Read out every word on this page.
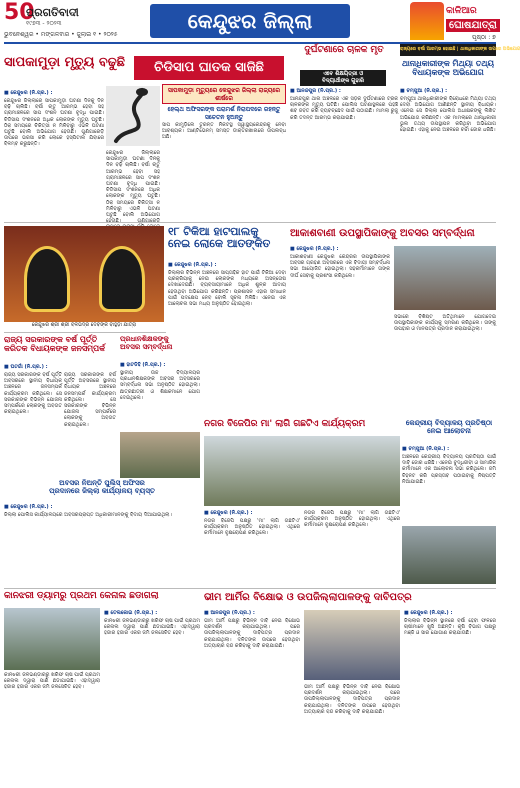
50
ପ୍ରଗତିବାଦୀ
୧୯୭୩ - ୨୦୨୩
ଭୁବନେଶ୍ୱର • ମଙ୍ଗଳବାର • ଜୁଲାଇ ୧ • ୨୦୨୫
କେନ୍ଦୁଝର ଜିଲ୍ଲା	କାଳିଆର
ଘୋଷଯାତ୍ରା
ପୃଷ୍ଠା : ୭
ରାଜ୍ୟରେ ବର୍ଷା ଆରମ୍ଭ ହୋଇଛି | ଥାନାଧିକାରୀଙ୍କ ଉପରେ ଅଭିଯୋଗ
ସାପକାମୁଡ଼ା ମୃତ୍ୟୁ ବଢୁଛି	ଚିଡିସାପ ଘାତକ ସାଜିଛି
■ କେନ୍ଦୁଝର (ନି.ପ୍ର.) :
କେନ୍ଦୁଝର ଜିଲ୍ଲାରେ ସାପକାମୁଡ଼ା ଘଟଣା ଦିନକୁ ଦିନ ବଢ଼ି ଚାଲିଛି। ବର୍ଷା ଋତୁ ଆରମ୍ଭ ହେବା ସହ ଗ୍ରାମାଞ୍ଚଳରେ ସାପ ଦଂଶନ ଘଟଣା ବୃଦ୍ଧି ପାଇଛି। ଚିଡିସାପ ଦଂଶନରେ ଅଧିକ ଲୋକଙ୍କ ମୃତ୍ୟୁ ଘଟୁଛି। ଠିକ୍ ସମୟରେ ଚିକିତ୍ସା ନ ମିଳିବାରୁ ଏଭଳି ଘଟଣା ଘଟୁଛି ବୋଲି ଅଭିଯୋଗ ହେଉଛି। ଗୁଣିଗାରେଡ଼ି ଉପରେ ଭରସା କରି ଲୋକେ ହସ୍ପିଟାଲ ଯିବାରେ ବିଳମ୍ବ କରୁଛନ୍ତି।
କେନ୍ଦୁଝର ଜିଲ୍ଲାରେ ସାପକାମୁଡ଼ା ଘଟଣା ଦିନକୁ ଦିନ ବଢ଼ି ଚାଲିଛି। ବର୍ଷା ଋତୁ ଆରମ୍ଭ ହେବା ସହ ଗ୍ରାମାଞ୍ଚଳରେ ସାପ ଦଂଶନ ଘଟଣା ବୃଦ୍ଧି ପାଇଛି। ଚିଡିସାପ ଦଂଶନରେ ଅଧିକ ଲୋକଙ୍କ ମୃତ୍ୟୁ ଘଟୁଛି। ଠିକ୍ ସମୟରେ ଚିକିତ୍ସା ନ ମିଳିବାରୁ ଏଭଳି ଘଟଣା ଘଟୁଛି ବୋଲି ଅଭିଯୋଗ
ସାପକାମୁଡ଼ା ମୃତ୍ୟୁରେ କେନ୍ଦୁଝର ଜିଲ୍ଲା ରାଜ୍ୟରେ ଶୀର୍ଷରେ
ହେଲ୍ଥ ଅଫିସରଙ୍କ ପରାମର୍ଶ ନିରାପଦରେ ରହନ୍ତୁ ସଚେତନ ହୁଅନ୍ତୁ
ସାପ କାମୁଡ଼ିଲେ ତୁରନ୍ତ ନିକଟସ୍ଥ ସ୍ୱାସ୍ଥ୍ୟକେନ୍ଦ୍ରକୁ ନେବା ଆବଶ୍ୟକ। ଆଣ୍ଟିଭେନମ୍ ସମସ୍ତ ଡାକ୍ତରଖାନାରେ ଉପଲବ୍ଧ ଅଛି।
ଦୁର୍ଘଟଣାରେ ଚାଳକ ମୃତ
■ ଆନନ୍ଦପୁର (ନି.ପ୍ର.) :
ଆନନ୍ଦପୁର ଥାନା ଅଞ୍ଚଳରେ ଏକ ସଡ଼କ ଦୁର୍ଘଟଣାରେ ଟ୍ରକ ଚାଳକଙ୍କ ମୃତ୍ୟୁ ଘଟିଛି। ପୋଲିସ ଘଟଣାସ୍ଥଳରେ ପହଞ୍ଚି ଶବ ଜବତ କରି ବ୍ୟବଚ୍ଛେଦ ପାଇଁ ପଠାଇଛି। ମାମଲା ରୁଜୁ କରି ତଦନ୍ତ ଆରମ୍ଭ କରାଯାଇଛି।
ଏବେ ଶିକ୍ଷୟିତ୍ରୀ ଓ
ବିଦ୍ୟାର୍ଥୀଙ୍କ ଗୁହାରି
ଥାନାଧିକାରୀଙ୍କ ମିଥ୍ୟା ତଥ୍ୟ
ବିଧାୟକଙ୍କ ଅଭିଯୋଗ
■ ଚମ୍ପୁଆ (ନି.ପ୍ର.) :
ଚମ୍ପୁଆ ଥାନାଧିକାରୀଙ୍କ ବିରୋଧରେ ମିଥ୍ୟା ତଥ୍ୟ ଦେବା ଅଭିଯୋଗ ଆଣିଛନ୍ତି ସ୍ଥାନୀୟ ବିଧାୟକ। ଏନେଇ ସେ ଜିଲ୍ଲା ପୋଲିସ ଅଧୀକ୍ଷକଙ୍କୁ ଲିଖିତ ଅଭିଯୋଗ କରିଛନ୍ତି। ଏକ ମାମଲାରେ ଥାନାଧିକାରୀ ଭୁଲ ତଥ୍ୟ ଉପସ୍ଥାପନ କରିଥିବା ଅଭିଯୋଗ ହୋଇଛି। ଏହାକୁ ନେଇ ଅଞ୍ଚଳରେ ଚର୍ଚ୍ଚା ଜୋର ଧରିଛି।
କେନ୍ଦୁଝର ଶ୍ରୀ ଶ୍ରୀ ବଳଭଦ୍ର ଦେବଙ୍କ ବାହୁଡ଼ା ଯାତ୍ରା
୧୮ ଟିକିଆ ହାଟପାଲକୁ
ନେଇ ଲୋକେ ଆତଙ୍କିତ
■ କେନ୍ଦୁଝର (ନି.ପ୍ର.) :
ଜିଲ୍ଲାର ବିଭିନ୍ନ ଅଞ୍ଚଳରେ ସାପ୍ତାହିକ ହାଟ ପାଇଁ ଟିକିଆ ଦେବା ପ୍ରକ୍ରିୟାକୁ ନେଇ ଲୋକଙ୍କ ମଧ୍ୟରେ ଅସନ୍ତୋଷ ଦେଖାଦେଇଛି। ବ୍ୟବସାୟୀମାନେ ଅଧିକ ଶୁଳ୍କ ଆଦାୟ ହେଉଥିବା ଅଭିଯୋଗ କରିଛନ୍ତି। ପ୍ରଶାସନ ଏହାର ସମାଧାନ ପାଇଁ ପଦକ୍ଷେପ ନେବ ବୋଲି ସୂଚନା ମିଳିଛି। ଏନେଇ ଏକ ଆଲୋଚନା ସଭା ମଧ୍ୟ ଅନୁଷ୍ଠିତ ହୋଇଥିଲା।
ଆକାଶବାଣୀ ଉପସ୍ଥାପିକାଙ୍କୁ ଅବସର ସମ୍ବର୍ଦ୍ଧନା
■ କେନ୍ଦୁଝର (ନି.ପ୍ର.) :
ଆକାଶବାଣୀ କେନ୍ଦୁଝର କେନ୍ଦ୍ରର ଉପସ୍ଥାପିକାଙ୍କ ଅବସର ଗ୍ରହଣ ଅବସରରେ ଏକ ବିଦାୟୀ ସମ୍ବର୍ଦ୍ଧନା ସଭା ଆୟୋଜିତ ହୋଇଥିଲା। ସହକର୍ମୀମାନେ ତାଙ୍କ ଦୀର୍ଘ ସେବାକୁ ପ୍ରଶଂସା କରିଥିଲେ।
ସଭାରେ ବିଶିଷ୍ଟ ଅତିଥିମାନେ ଯୋଗଦେଇ ଉପସ୍ଥାପିକାଙ୍କ କାର୍ଯ୍ୟକୁ ସ୍ମରଣ କରିଥିଲେ। ତାଙ୍କୁ ଉପହାର ଓ ମାନପତ୍ର ପ୍ରଦାନ କରାଯାଇଥିଲା।
ରାଜ୍ୟ ସରକାରଙ୍କ ବର୍ଷ ପୂର୍ତ୍ତି
କରିତକ ବିଧାୟକଙ୍କ ଜନସମ୍ପର୍କ
■ ଘଟଗାଁ (ନି.ପ୍ର.) :
ରାଜ୍ୟ ସରକାରଙ୍କ ବର୍ଷ ପୂର୍ତ୍ତି ଅବସରରେ ସ୍ଥାନୀୟ ବିଧାୟକ ଅଞ୍ଚଳରେ ଜନସମ୍ପର୍କ କାର୍ଯ୍ୟକ୍ରମ କରିଥିଲେ। ସେ ସରକାରଙ୍କ ବିଭିନ୍ନ ଯୋଜନା ସମ୍ପର୍କରେ ଲୋକଙ୍କୁ ଅବଗତ କରାଇଥିଲେ।
ରାଜ୍ୟ ସରକାରଙ୍କ ବର୍ଷ ପୂର୍ତ୍ତି ଅବସରରେ ସ୍ଥାନୀୟ ବିଧାୟକ ଅଞ୍ଚଳରେ ଜନସମ୍ପର୍କ କାର୍ଯ୍ୟକ୍ରମ କରିଥିଲେ। ସେ ସରକାରଙ୍କ ବିଭିନ୍ନ ଯୋଜନା ସମ୍ପର୍କରେ ଲୋକଙ୍କୁ ଅବଗତ କରାଇଥିଲେ।
ପ୍ରଧାନଶିକ୍ଷକଙ୍କୁ
ଅବସର ସମ୍ବର୍ଦ୍ଧନା
■ ହାଟଡିହି (ନି.ପ୍ର.) :
ସ୍ଥାନୀୟ ଉଚ୍ଚ ବିଦ୍ୟାଳୟର ପ୍ରଧାନଶିକ୍ଷକଙ୍କ ଅବସର ଅବସରରେ ସମ୍ବର୍ଦ୍ଧନା ସଭା ଅନୁଷ୍ଠିତ ହୋଇଥିଲା। ଛାତ୍ରଛାତ୍ରୀ ଓ ଶିକ୍ଷକମାନେ ଯୋଗ ଦେଇଥିଲେ।
ନଗର ବିଜେପିର ମା' ଲାଗି ଗଛଟିଏ କାର୍ଯ୍ୟକ୍ରମ
■ କେନ୍ଦୁଝର (ନି.ପ୍ର.) :
ନଗର ବିଜେପି ପକ୍ଷରୁ 'ମା' ଲାଗି ଗଛଟିଏ' କାର୍ଯ୍ୟକ୍ରମ ଅନୁଷ୍ଠିତ ହୋଇଥିଲା। ଏଥିରେ କର୍ମୀମାନେ ବୃକ୍ଷରୋପଣ କରିଥିଲେ।
ନଗର ବିଜେପି ପକ୍ଷରୁ 'ମା' ଲାଗି ଗଛଟିଏ' କାର୍ଯ୍ୟକ୍ରମ ଅନୁଷ୍ଠିତ ହୋଇଥିଲା। ଏଥିରେ କର୍ମୀମାନେ ବୃକ୍ଷରୋପଣ କରିଥିଲେ।
କେନ୍ଦ୍ରୀୟ ବିଦ୍ୟାଳୟ ପ୍ରତିଷ୍ଠା
ନେଇ ଆଲୋଚନା
■ ଚମ୍ପୁଆ (ନି.ପ୍ର.) :
ଅଞ୍ଚଳରେ କେନ୍ଦ୍ରୀୟ ବିଦ୍ୟାଳୟ ପ୍ରତିଷ୍ଠା ପାଇଁ ଦାବି ଜୋର ଧରିଛି। ଏନେଇ ବୁଦ୍ଧିଜୀବୀ ଓ ସାମାଜିକ କର୍ମୀମାନେ ଏକ ଆଲୋଚନା ସଭା କରିଥିଲେ। ଜମି ଚିହ୍ନଟ କରି ପ୍ରସ୍ତାବ ପଠାଇବାକୁ ନିଷ୍ପତ୍ତି ନିଆଯାଇଛି।
ଅବସର ନିଅନ୍ତି ପୁଲିସ୍ ଅଫିସର
ପ୍ରଦାନରେ ଜିଲ୍ଲା କାର୍ଯ୍ୟାଳୟ ବ୍ୟସ୍ତ
■ କେନ୍ଦୁଝର (ନି.ପ୍ର.) :
ଜିଲ୍ଲା ପୋଲିସ କାର୍ଯ୍ୟାଳୟରେ ଅବସରପ୍ରାପ୍ତ ଅଧିକାରୀମାନଙ୍କୁ ବିଦାୟ ଦିଆଯାଇଥିଲା।
କାନଝରୀ ଡ୍ୟାମରୁ ପ୍ରଥମ କେନାଲ ଛଡାଗଲା
■ ତେଲକୋଇ (ନି.ପ୍ର.) :
କାନଝରୀ ଜଳଭଣ୍ଡାରରୁ ଖରିଫ ଚାଷ ପାଇଁ ପ୍ରଥମ କେନାଲ ଦ୍ୱାରା ପାଣି ଛଡାଯାଇଛି। ଏହାଦ୍ୱାରା ହଜାର ହଜାର ଏକର ଜମି ଜଳସେଚିତ ହେବ।
କାନଝରୀ ଜଳଭଣ୍ଡାରରୁ ଖରିଫ ଚାଷ ପାଇଁ ପ୍ରଥମ କେନାଲ ଦ୍ୱାରା ପାଣି ଛଡାଯାଇଛି। ଏହାଦ୍ୱାରା ହଜାର ହଜାର ଏକର ଜମି ଜଳସେଚିତ ହେବ।
ଭୀମ ଆର୍ମିର ବିକ୍ଷୋଭ ଓ ଉପଜିଲ୍ଲାପାଳଙ୍କୁ ଦାବିପତ୍ର
■ ଆନନ୍ଦପୁର (ନି.ପ୍ର.) :
ଭୀମ ଆର୍ମି ପକ୍ଷରୁ ବିଭିନ୍ନ ଦାବି ନେଇ ବିକ୍ଷୋଭ ପ୍ରଦର୍ଶନ କରାଯାଇଥିଲା। ପରେ ଉପଜିଲ୍ଲାପାଳଙ୍କୁ ଦାବିପତ୍ର ପ୍ରଦାନ କରାଯାଇଥିଲା। ଦଳିତଙ୍କ ଉପରେ ହେଉଥିବା ଅତ୍ୟାଚାର ବନ୍ଦ କରିବାକୁ ଦାବି କରାଯାଇଛି।
ଭୀମ ଆର୍ମି ପକ୍ଷରୁ ବିଭିନ୍ନ ଦାବି ନେଇ ବିକ୍ଷୋଭ ପ୍ରଦର୍ଶନ କରାଯାଇଥିଲା। ପରେ ଉପଜିଲ୍ଲାପାଳଙ୍କୁ ଦାବିପତ୍ର ପ୍ରଦାନ କରାଯାଇଥିଲା। ଦଳିତଙ୍କ ଉପରେ ହେଉଥିବା ଅତ୍ୟାଚାର ବନ୍ଦ କରିବାକୁ ଦାବି କରାଯାଇଛି।
■ କେନ୍ଦୁଝର (ନି.ପ୍ର.) :
ଜିଲ୍ଲାର ବିଭିନ୍ନ ସ୍ଥାନରେ ବର୍ଷା ହେବା ଫଳରେ ଚାଷୀମାନେ ଖୁସି ଅଛନ୍ତି। କୃଷି ବିଭାଗ ପକ୍ଷରୁ ମଞ୍ଜି ଓ ସାର ଯୋଗାଣ କରାଯାଉଛି।
